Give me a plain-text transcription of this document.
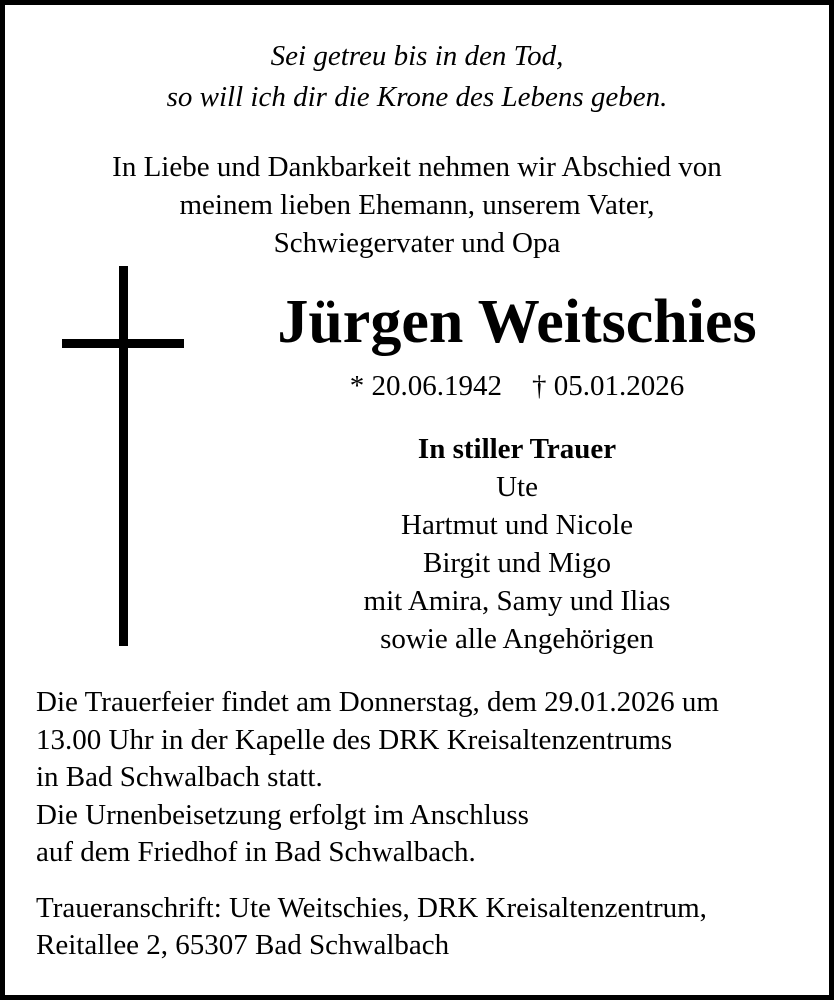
Sei getreu bis in den Tod,
so will ich dir die Krone des Lebens geben.
In Liebe und Dankbarkeit nehmen wir Abschied von
meinem lieben Ehemann, unserem Vater,
Schwiegervater und Opa
Jürgen Weitschies
* 20.06.1942 † 05.01.2026
In stiller Trauer
Ute
Hartmut und Nicole
Birgit und Migo
mit Amira, Samy und Ilias
sowie alle Angehörigen
Die Trauerfeier findet am Donnerstag, dem 29.01.2026 um
13.00 Uhr in der Kapelle des DRK Kreisaltenzentrums
in Bad Schwalbach statt.
Die Urnenbeisetzung erfolgt im Anschluss
auf dem Friedhof in Bad Schwalbach.
Traueranschrift: Ute Weitschies, DRK Kreisaltenzentrum,
Reitallee 2, 65307 Bad Schwalbach
